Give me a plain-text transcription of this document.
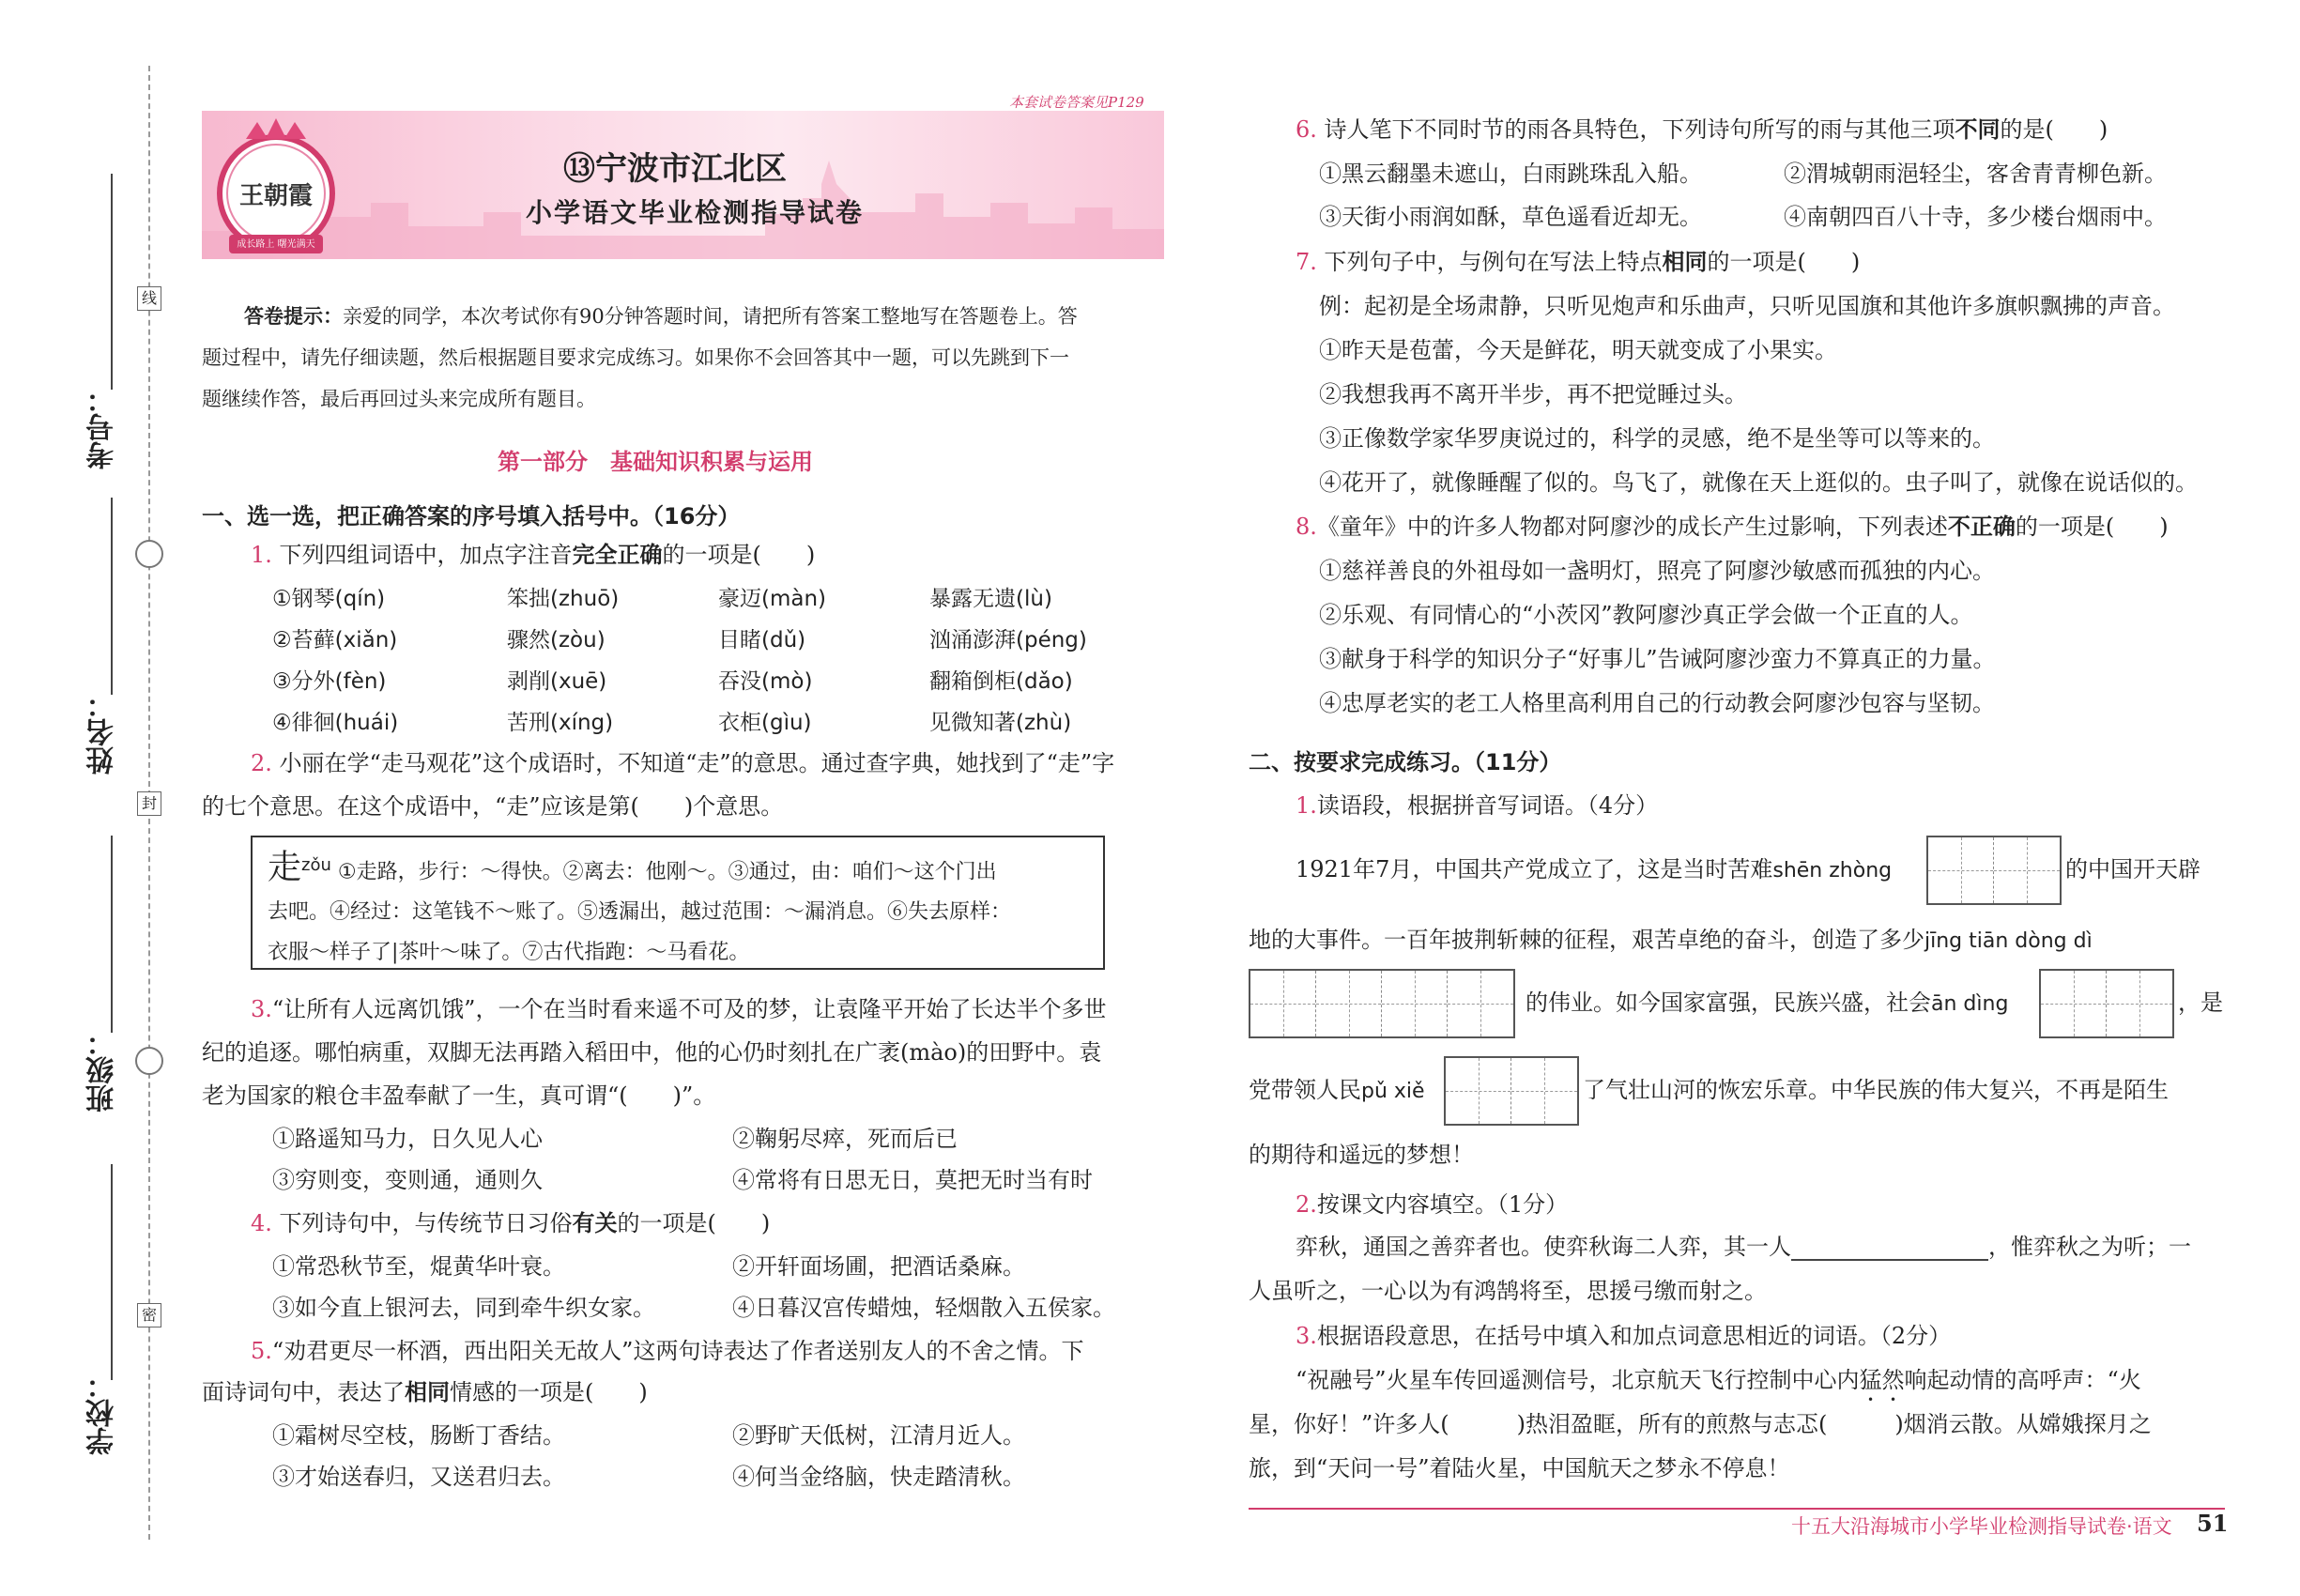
考号：
姓名：
班级：
学校：
线
封
密
本套试卷答案见P129
王朝霞
成长路上 曙光满天
⑬宁波市江北区
小学语文毕业检测指导试卷
答卷提示：亲爱的同学，本次考试你有90分钟答题时间，请把所有答案工整地写在答题卷上。答
题过程中，请先仔细读题，然后根据题目要求完成练习。如果你不会回答其中一题，可以先跳到下一
题继续作答，最后再回过头来完成所有题目。
第一部分　基础知识积累与运用
一、选一选，把正确答案的序号填入括号中。（16分）
1. 下列四组词语中，加点字注音完全正确的一项是(　　)
①钢琴(qín)	笨拙(zhuō)	豪迈(màn)	暴露无遗(lù)
②苔藓(xiǎn)	骤然(zòu)	目睹(dǔ)	汹涌澎湃(péng)
③分外(fèn)	剥削(xuē)	吞没(mò)	翻箱倒柜(dǎo)
④徘徊(huái)	苦刑(xíng)	衣柜(gìu)	见微知著(zhù)
2. 小丽在学“走马观花”这个成语时，不知道“走”的意思。通过查字典，她找到了“走”字
的七个意思。在这个成语中，“走”应该是第(　　)个意思。
走$^{zǒu}$ ①走路，步行：～得快。②离去：他刚～。③通过，由：咱们～这个门出
去吧。④经过：这笔钱不～账了。⑤透漏出，越过范围：～漏消息。⑥失去原样：
衣服～样子了|茶叶～味了。⑦古代指跑：～马看花。
3.“让所有人远离饥饿”，一个在当时看来遥不可及的梦，让袁隆平开始了长达半个多世
纪的追逐。哪怕病重，双脚无法再踏入稻田中，他的心仍时刻扎在广袤(mào)的田野中。袁
老为国家的粮仓丰盈奉献了一生，真可谓“(　　)”。
①路遥知马力，日久见人心	②鞠躬尽瘁，死而后已
③穷则变，变则通，通则久	④常将有日思无日，莫把无时当有时
4. 下列诗句中，与传统节日习俗有关的一项是(　　)
①常恐秋节至，焜黄华叶衰。	②开轩面场圃，把酒话桑麻。
③如今直上银河去，同到牵牛织女家。	④日暮汉宫传蜡烛，轻烟散入五侯家。
5.“劝君更尽一杯酒，西出阳关无故人”这两句诗表达了作者送别友人的不舍之情。下
面诗词句中，表达了相同情感的一项是(　　)
①霜树尽空枝，肠断丁香结。	②野旷天低树，江清月近人。
③才始送春归，又送君归去。	④何当金络脑，快走踏清秋。
6. 诗人笔下不同时节的雨各具特色，下列诗句所写的雨与其他三项不同的是(　　)
①黑云翻墨未遮山，白雨跳珠乱入船。	②渭城朝雨浥轻尘，客舍青青柳色新。
③天街小雨润如酥，草色遥看近却无。	④南朝四百八十寺，多少楼台烟雨中。
7. 下列句子中，与例句在写法上特点相同的一项是(　　)
例：起初是全场肃静，只听见炮声和乐曲声，只听见国旗和其他许多旗帜飘拂的声音。
①昨天是苞蕾，今天是鲜花，明天就变成了小果实。
②我想我再不离开半步，再不把觉睡过头。
③正像数学家华罗庚说过的，科学的灵感，绝不是坐等可以等来的。
④花开了，就像睡醒了似的。鸟飞了，就像在天上逛似的。虫子叫了，就像在说话似的。
8.《童年》中的许多人物都对阿廖沙的成长产生过影响，下列表述不正确的一项是(　　)
①慈祥善良的外祖母如一盏明灯，照亮了阿廖沙敏感而孤独的内心。
②乐观、有同情心的“小茨冈”教阿廖沙真正学会做一个正直的人。
③献身于科学的知识分子“好事儿”告诫阿廖沙蛮力不算真正的力量。
④忠厚老实的老工人格里高利用自己的行动教会阿廖沙包容与坚韧。
二、按要求完成练习。（11分）
1.读语段，根据拼音写词语。（4分）
1921年7月，中国共产党成立了，这是当时苦难shēn zhòng	的中国开天辟
地的大事件。一百年披荆斩棘的征程，艰苦卓绝的奋斗，创造了多少jīng tiān dòng dì
的伟业。如今国家富强，民族兴盛，社会ān dìng	，是
党带领人民pǔ xiě	了气壮山河的恢宏乐章。中华民族的伟大复兴，不再是陌生
的期待和遥远的梦想！
2.按课文内容填空。（1分）
弈秋，通国之善弈者也。使弈秋诲二人弈，其一人	，惟弈秋之为听；一
人虽听之，一心以为有鸿鹄将至，思援弓缴而射之。
3.根据语段意思，在括号中填入和加点词意思相近的词语。（2分）
“祝融号”火星车传回遥测信号，北京航天飞行控制中心内猛然响起动情的高呼声：“火
星，你好！”许多人(　　　)热泪盈眶，所有的煎熬与志忑(　　　)烟消云散。从嫦娥探月之
旅，到“天问一号”着陆火星，中国航天之梦永不停息！
十五大沿海城市小学毕业检测指导试卷·语文 51
